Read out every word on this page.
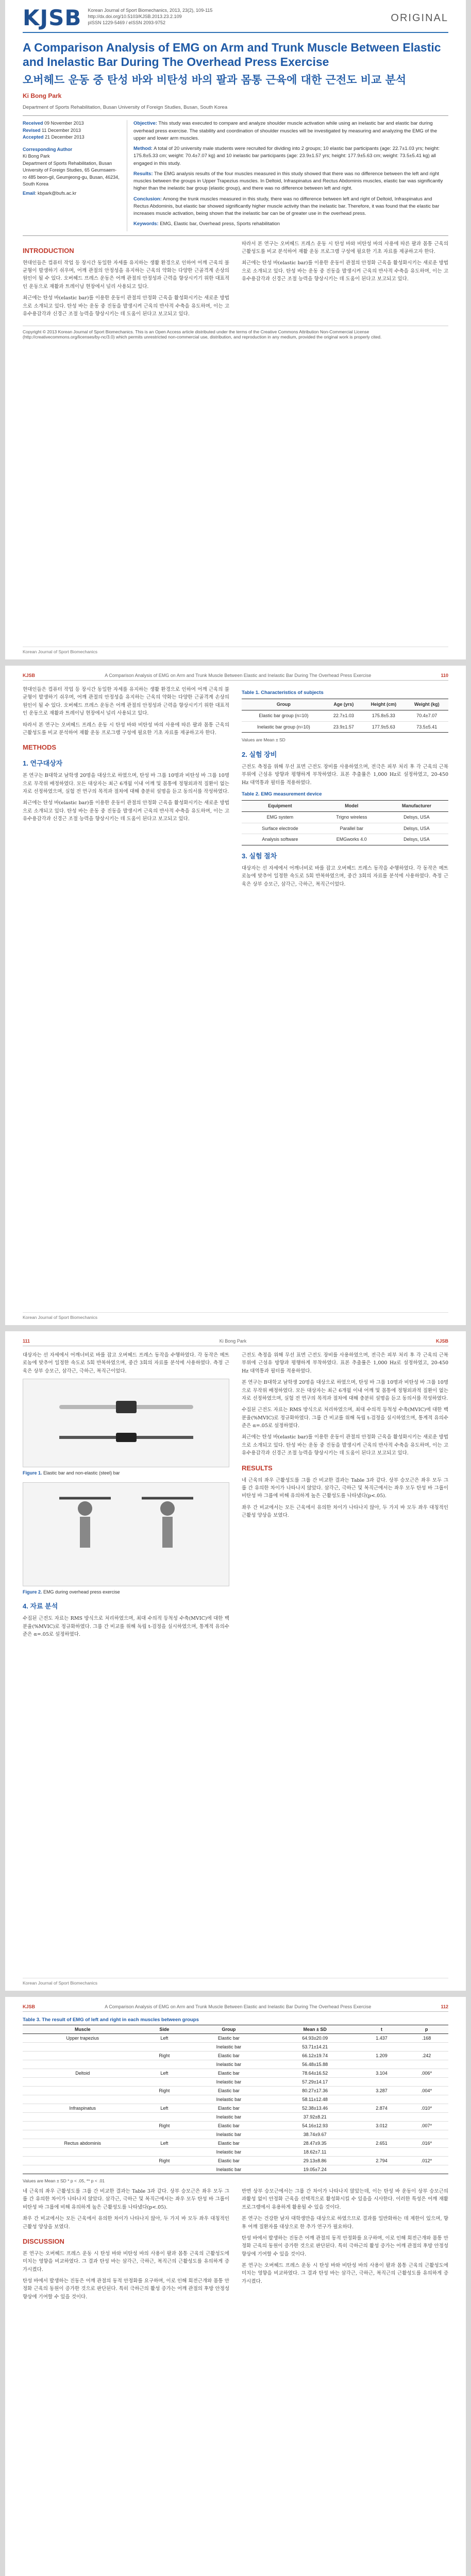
KJSB Korean Journal of Sport Biomechanics, 2013, 23(2), 109-115
http://dx.doi.org/10.5103/KJSB.2013.23.2.109
pISSN 1229-5469 / eISSN 2093-9752	ORIGINAL
A Comparison Analysis of EMG on Arm and Trunk Muscle Between Elastic and Inelastic Bar During The Overhead Press Exercise
오버헤드 운동 중 탄성 바와 비탄성 바의 팔과 몸통 근육에 대한 근전도 비교 분석
Ki Bong Park
Department of Sports Rehabilitation, Busan University of Foreign Studies, Busan, South Korea
Received 09 November 2013
Revised 11 December 2013
Accepted 21 December 2013
Corresponding Author
Ki Bong Park
Department of Sports Rehabilitation, Busan University of Foreign Studies, 65 Geumsaem-ro 485 beon-gil, Geumjeong-gu, Busan, 46234, South Korea
Email: kbpark@bufs.ac.kr

Objective: This study was executed to compare and analyze shoulder muscle activation while using an inelastic bar and elastic bar during overhead press exercise. The stability and coordination of shoulder muscles will be investigated by measuring and analyzing the EMG of the upper and lower arm muscles.

Method: A total of 20 university male students were recruited for dividing into 2 groups; 10 elastic bar participants (age: 22.7±1.03 yrs; height: 175.8±5.33 cm; weight: 70.4±7.07 kg) and 10 inelastic bar participants (age: 23.9±1.57 yrs; height: 177.9±5.63 cm; weight: 73.5±5.41 kg) all engaged in this study.

Results: The EMG analysis results of the four muscles measured in this study showed that there was no difference between the left and right muscles between the groups in Upper Trapezius muscles. In Deltoid, Infraspinatus and Rectus Abdominis muscles, elastic bar was significantly higher than the inelastic bar group (elastic group), and there was no difference between left and right.

Conclusion: Among the trunk muscles measured in this study, there was no difference between left and right of Deltoid, Infraspinatus and Rectus Abdominis, but elastic bar showed significantly higher muscle activity than the inelastic bar. Therefore, it was found that the elastic bar increases muscle activation, being shown that the inelastic bar can be of greater use in the overhead press.

Keywords: EMG, Elastic bar, Overhead press, Sports rehabilitation

INTRODUCTION

현대인들은 컴퓨터 작업 등 장시간 동일한 자세를 유지하는 생활 환경으로 인하여 어깨 근육의 불균형이 발생하기 쉬우며, 어깨 관절의 안정성을 유지하는 근육의 약화는 다양한 근골격계 손상의 원인이 될 수 있다. 오버헤드 프레스 운동은 어깨 관절의 안정성과 근력을 향상시키기 위한 대표적인 운동으로 재활과 트레이닝 현장에서 널리 사용되고 있다.

최근에는 탄성 바(elastic bar)를 이용한 운동이 관절의 안정화 근육을 활성화시키는 새로운 방법으로 소개되고 있다. 탄성 바는 운동 중 진동을 발생시켜 근육의 반사적 수축을 유도하며, 이는 고유수용감각과 신경근 조절 능력을 향상시키는 데 도움이 된다고 보고되고 있다.

따라서 본 연구는 오버헤드 프레스 운동 시 탄성 바와 비탄성 바의 사용에 따른 팔과 몸통 근육의 근활성도를 비교 분석하여 재활 운동 프로그램 구성에 필요한 기초 자료를 제공하고자 한다.

최근에는 탄성 바(elastic bar)를 이용한 운동이 관절의 안정화 근육을 활성화시키는 새로운 방법으로 소개되고 있다. 탄성 바는 운동 중 진동을 발생시켜 근육의 반사적 수축을 유도하며, 이는 고유수용감각과 신경근 조절 능력을 향상시키는 데 도움이 된다고 보고되고 있다.

Copyright © 2013 Korean Journal of Sport Biomechanics. This is an Open Access article distributed under the terms of the Creative Commons Attribution Non-Commercial License (http://creativecommons.org/licenses/by-nc/3.0) which permits unrestricted non-commercial use, distribution, and reproduction in any medium, provided the original work is properly cited.
Korean Journal of Sport Biomechanics
KJSB	A Comparison Analysis of EMG on Arm and Trunk Muscle Between Elastic and Inelastic Bar During The Overhead Press Exercise	110

현대인들은 컴퓨터 작업 등 장시간 동일한 자세를 유지하는 생활 환경으로 인하여 어깨 근육의 불균형이 발생하기 쉬우며, 어깨 관절의 안정성을 유지하는 근육의 약화는 다양한 근골격계 손상의 원인이 될 수 있다. 오버헤드 프레스 운동은 어깨 관절의 안정성과 근력을 향상시키기 위한 대표적인 운동으로 재활과 트레이닝 현장에서 널리 사용되고 있다.

따라서 본 연구는 오버헤드 프레스 운동 시 탄성 바와 비탄성 바의 사용에 따른 팔과 몸통 근육의 근활성도를 비교 분석하여 재활 운동 프로그램 구성에 필요한 기초 자료를 제공하고자 한다.

METHODS
1. 연구대상자

본 연구는 B대학교 남학생 20명을 대상으로 하였으며, 탄성 바 그룹 10명과 비탄성 바 그룹 10명으로 무작위 배정하였다. 모든 대상자는 최근 6개월 이내 어깨 및 몸통에 정형외과적 질환이 없는 자로 선정하였으며, 실험 전 연구의 목적과 절차에 대해 충분히 설명을 듣고 동의서를 작성하였다.

최근에는 탄성 바(elastic bar)를 이용한 운동이 관절의 안정화 근육을 활성화시키는 새로운 방법으로 소개되고 있다. 탄성 바는 운동 중 진동을 발생시켜 근육의 반사적 수축을 유도하며, 이는 고유수용감각과 신경근 조절 능력을 향상시키는 데 도움이 된다고 보고되고 있다.

Table 1. Characteristics of subjects
Group	Age (yrs)	Height (cm)	Weight (kg)
Elastic bar group (n=10)	22.7±1.03	175.8±5.33	70.4±7.07
Inelastic bar group (n=10)	23.9±1.57	177.9±5.63	73.5±5.41
Values are Mean ± SD
2. 실험 장비

근전도 측정을 위해 무선 표면 근전도 장비를 사용하였으며, 전극은 피부 처리 후 각 근육의 근복 부위에 근섬유 방향과 평행하게 부착하였다. 표본 추출률은 1,000 Hz로 설정하였고, 20-450 Hz 대역통과 필터를 적용하였다.

Table 2. EMG measurement device
Equipment	Model	Manufacturer
EMG system	Trigno wireless	Delsys, USA
Surface electrode	Parallel bar	Delsys, USA
Analysis software	EMGworks 4.0	Delsys, USA
3. 실험 절차

대상자는 선 자세에서 어깨너비로 바를 잡고 오버헤드 프레스 동작을 수행하였다. 각 동작은 메트로놈에 맞추어 일정한 속도로 5회 반복하였으며, 중간 3회의 자료를 분석에 사용하였다. 측정 근육은 상부 승모근, 삼각근, 극하근, 복직근이었다.

Korean Journal of Sport Biomechanics
111	Ki Bong Park	KJSB

대상자는 선 자세에서 어깨너비로 바를 잡고 오버헤드 프레스 동작을 수행하였다. 각 동작은 메트로놈에 맞추어 일정한 속도로 5회 반복하였으며, 중간 3회의 자료를 분석에 사용하였다. 측정 근육은 상부 승모근, 삼각근, 극하근, 복직근이었다.

Figure 1. Elastic bar and non-elastic (steel) bar
Figure 2. EMG during overhead press exercise
4. 자료 분석

수집된 근전도 자료는 RMS 방식으로 처리하였으며, 최대 수의적 등척성 수축(MVIC)에 대한 백분율(%MVIC)로 정규화하였다. 그룹 간 비교를 위해 독립 t-검정을 실시하였으며, 통계적 유의수준은 α=.05로 설정하였다.

근전도 측정을 위해 무선 표면 근전도 장비를 사용하였으며, 전극은 피부 처리 후 각 근육의 근복 부위에 근섬유 방향과 평행하게 부착하였다. 표본 추출률은 1,000 Hz로 설정하였고, 20-450 Hz 대역통과 필터를 적용하였다.

본 연구는 B대학교 남학생 20명을 대상으로 하였으며, 탄성 바 그룹 10명과 비탄성 바 그룹 10명으로 무작위 배정하였다. 모든 대상자는 최근 6개월 이내 어깨 및 몸통에 정형외과적 질환이 없는 자로 선정하였으며, 실험 전 연구의 목적과 절차에 대해 충분히 설명을 듣고 동의서를 작성하였다.

수집된 근전도 자료는 RMS 방식으로 처리하였으며, 최대 수의적 등척성 수축(MVIC)에 대한 백분율(%MVIC)로 정규화하였다. 그룹 간 비교를 위해 독립 t-검정을 실시하였으며, 통계적 유의수준은 α=.05로 설정하였다.

최근에는 탄성 바(elastic bar)를 이용한 운동이 관절의 안정화 근육을 활성화시키는 새로운 방법으로 소개되고 있다. 탄성 바는 운동 중 진동을 발생시켜 근육의 반사적 수축을 유도하며, 이는 고유수용감각과 신경근 조절 능력을 향상시키는 데 도움이 된다고 보고되고 있다.

RESULTS

네 근육의 좌우 근활성도를 그룹 간 비교한 결과는 Table 3과 같다. 상부 승모근은 좌우 모두 그룹 간 유의한 차이가 나타나지 않았다. 삼각근, 극하근 및 복직근에서는 좌우 모두 탄성 바 그룹이 비탄성 바 그룹에 비해 유의하게 높은 근활성도를 나타냈다(p<.05).

좌우 간 비교에서는 모든 근육에서 유의한 차이가 나타나지 않아, 두 가지 바 모두 좌우 대칭적인 근활성 양상을 보였다.

Korean Journal of Sport Biomechanics
KJSB	A Comparison Analysis of EMG on Arm and Trunk Muscle Between Elastic and Inelastic Bar During The Overhead Press Exercise	112
Table 3. The result of EMG of left and right in each muscles between groups
Muscle	Side	Group	Mean ± SD	t	p
Upper trapezius	Left	Elastic bar	64.93±20.09	1.437	.168
		Inelastic bar	53.71±14.21		
	Right	Elastic bar	66.12±19.74	1.209	.242
		Inelastic bar	56.48±15.88		
Deltoid	Left	Elastic bar	78.64±16.52	3.104	.006*
		Inelastic bar	57.29±14.17		
	Right	Elastic bar	80.27±17.36	3.287	.004*
		Inelastic bar	58.11±12.48		
Infraspinatus	Left	Elastic bar	52.38±13.46	2.874	.010*
		Inelastic bar	37.92±8.21		
	Right	Elastic bar	54.16±12.93	3.012	.007*
		Inelastic bar	38.74±9.67		
Rectus abdominis	Left	Elastic bar	28.47±9.35	2.651	.016*
		Inelastic bar	18.62±7.11		
	Right	Elastic bar	29.13±8.86	2.794	.012*
		Inelastic bar	19.05±7.24		
Values are Mean ± SD * p < .05, ** p < .01

네 근육의 좌우 근활성도를 그룹 간 비교한 결과는 Table 3과 같다. 상부 승모근은 좌우 모두 그룹 간 유의한 차이가 나타나지 않았다. 삼각근, 극하근 및 복직근에서는 좌우 모두 탄성 바 그룹이 비탄성 바 그룹에 비해 유의하게 높은 근활성도를 나타냈다(p<.05).

좌우 간 비교에서는 모든 근육에서 유의한 차이가 나타나지 않아, 두 가지 바 모두 좌우 대칭적인 근활성 양상을 보였다.

DISCUSSION

본 연구는 오버헤드 프레스 운동 시 탄성 바와 비탄성 바의 사용이 팔과 몸통 근육의 근활성도에 미치는 영향을 비교하였다. 그 결과 탄성 바는 삼각근, 극하근, 복직근의 근활성도를 유의하게 증가시켰다.

탄성 바에서 발생하는 진동은 어깨 관절의 동적 안정화를 요구하며, 이로 인해 회전근개와 몸통 안정화 근육의 동원이 증가한 것으로 판단된다. 특히 극하근의 활성 증가는 어깨 관절의 후방 안정성 향상에 기여할 수 있을 것이다.

반면 상부 승모근에서는 그룹 간 차이가 나타나지 않았는데, 이는 탄성 바 운동이 상부 승모근의 과활성 없이 안정화 근육을 선택적으로 활성화시킬 수 있음을 시사한다. 이러한 특성은 어깨 재활 프로그램에서 유용하게 활용될 수 있을 것이다.

본 연구는 건강한 남자 대학생만을 대상으로 하였으므로 결과를 일반화하는 데 제한이 있으며, 향후 어깨 질환자를 대상으로 한 추가 연구가 필요하다.

탄성 바에서 발생하는 진동은 어깨 관절의 동적 안정화를 요구하며, 이로 인해 회전근개와 몸통 안정화 근육의 동원이 증가한 것으로 판단된다. 특히 극하근의 활성 증가는 어깨 관절의 후방 안정성 향상에 기여할 수 있을 것이다.

본 연구는 오버헤드 프레스 운동 시 탄성 바와 비탄성 바의 사용이 팔과 몸통 근육의 근활성도에 미치는 영향을 비교하였다. 그 결과 탄성 바는 삼각근, 극하근, 복직근의 근활성도를 유의하게 증가시켰다.
